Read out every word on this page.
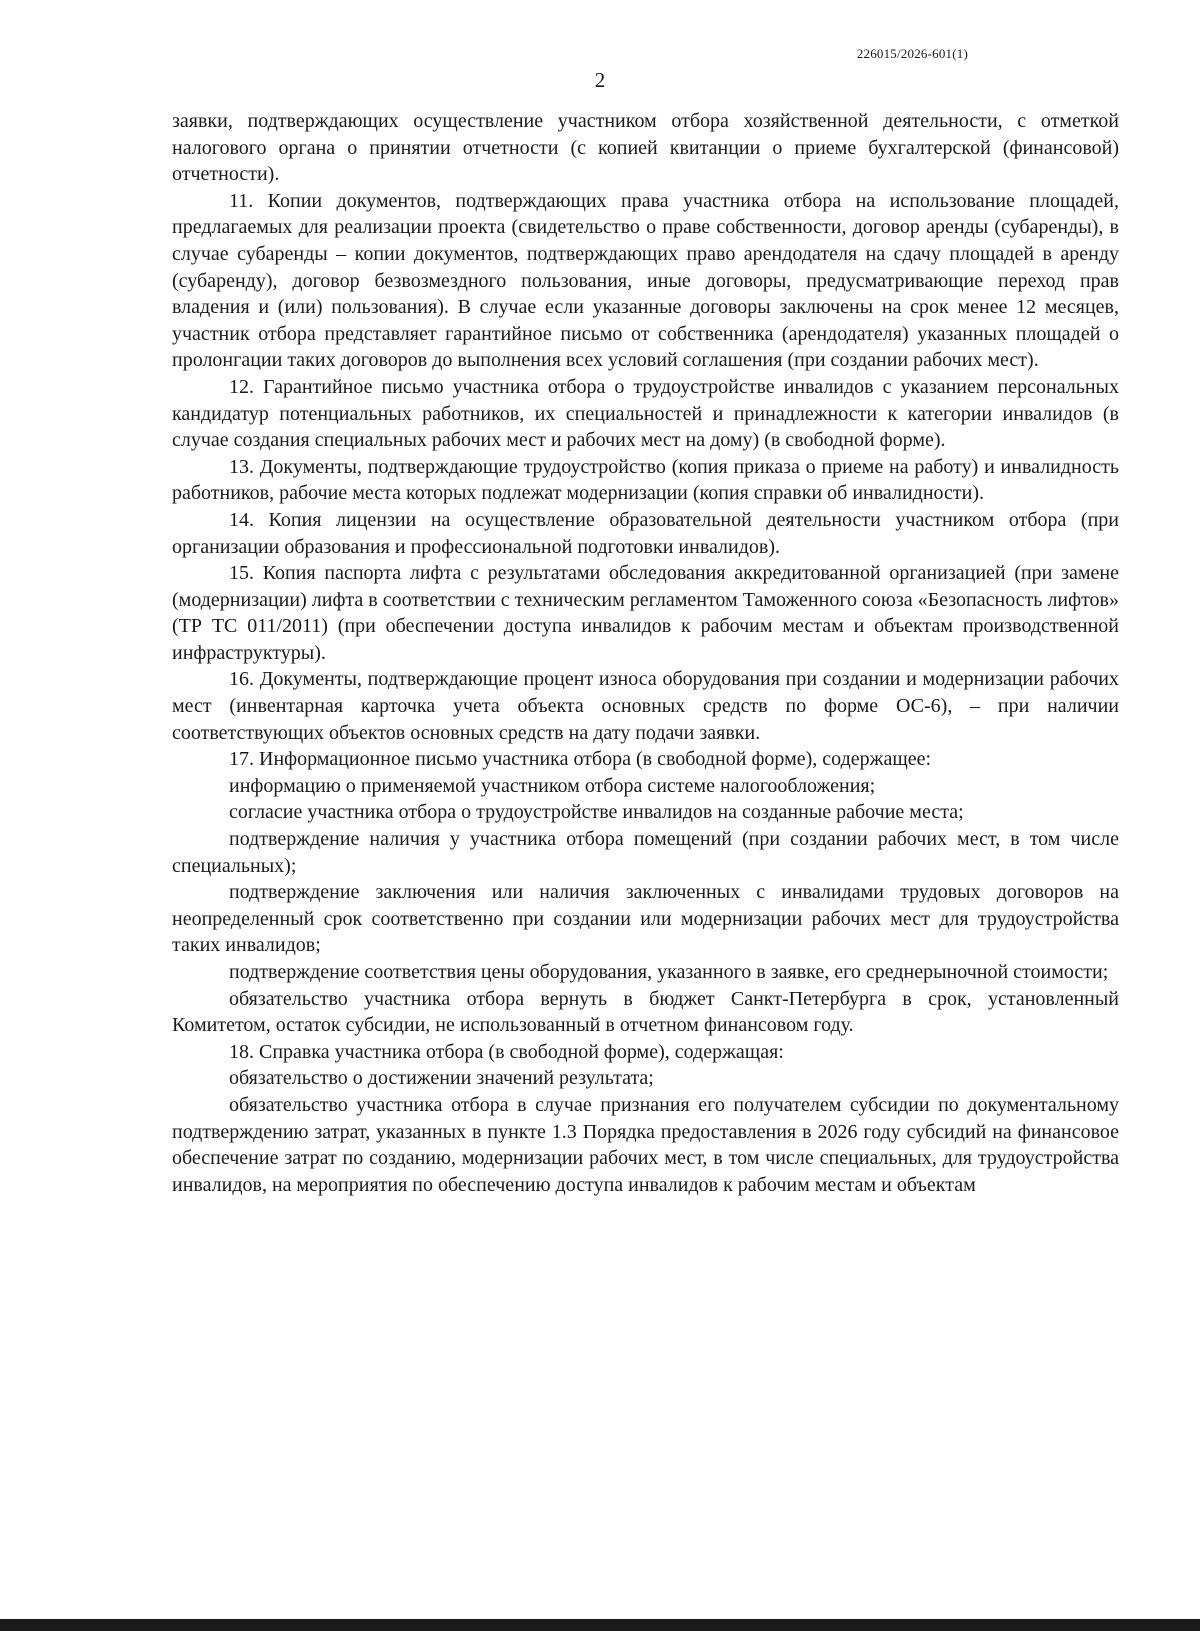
226015/2026-601(1)
2

заявки, подтверждающих осуществление участником отбора хозяйственной деятельности, с отметкой налогового органа о принятии отчетности (с копией квитанции о приеме бухгалтерской (финансовой) отчетности).

11. Копии документов, подтверждающих права участника отбора на использование площадей, предлагаемых для реализации проекта (свидетельство о праве собственности, договор аренды (субаренды), в случае субаренды – копии документов, подтверждающих право арендодателя на сдачу площадей в аренду (субаренду), договор безвозмездного пользования, иные договоры, предусматривающие переход прав владения и (или) пользования). В случае если указанные договоры заключены на срок менее 12 месяцев, участник отбора представляет гарантийное письмо от собственника (арендодателя) указанных площадей о пролонгации таких договоров до выполнения всех условий соглашения (при создании рабочих мест).

12. Гарантийное письмо участника отбора о трудоустройстве инвалидов с указанием персональных кандидатур потенциальных работников, их специальностей и принадлежности к категории инвалидов (в случае создания специальных рабочих мест и рабочих мест на дому) (в свободной форме).

13. Документы, подтверждающие трудоустройство (копия приказа о приеме на работу) и инвалидность работников, рабочие места которых подлежат модернизации (копия справки об инвалидности).

14. Копия лицензии на осуществление образовательной деятельности участником отбора (при организации образования и профессиональной подготовки инвалидов).

15. Копия паспорта лифта с результатами обследования аккредитованной организацией (при замене (модернизации) лифта в соответствии с техническим регламентом Таможенного союза «Безопасность лифтов» (ТР ТС 011/2011) (при обеспечении доступа инвалидов к рабочим местам и объектам производственной инфраструктуры).

16. Документы, подтверждающие процент износа оборудования при создании и модернизации рабочих мест (инвентарная карточка учета объекта основных средств по форме ОС-6), – при наличии соответствующих объектов основных средств на дату подачи заявки.

17. Информационное письмо участника отбора (в свободной форме), содержащее:

информацию о применяемой участником отбора системе налогообложения;

согласие участника отбора о трудоустройстве инвалидов на созданные рабочие места;

подтверждение наличия у участника отбора помещений (при создании рабочих мест, в том числе специальных);

подтверждение заключения или наличия заключенных с инвалидами трудовых договоров на неопределенный срок соответственно при создании или модернизации рабочих мест для трудоустройства таких инвалидов;

подтверждение соответствия цены оборудования, указанного в заявке, его среднерыночной стоимости;

обязательство участника отбора вернуть в бюджет Санкт-Петербурга в срок, установленный Комитетом, остаток субсидии, не использованный в отчетном финансовом году.

18. Справка участника отбора (в свободной форме), содержащая:

обязательство о достижении значений результата;

обязательство участника отбора в случае признания его получателем субсидии по документальному подтверждению затрат, указанных в пункте 1.3 Порядка предоставления в 2026 году субсидий на финансовое обеспечение затрат по созданию, модернизации рабочих мест, в том числе специальных, для трудоустройства инвалидов, на мероприятия по обеспечению доступа инвалидов к рабочим местам и объектам
